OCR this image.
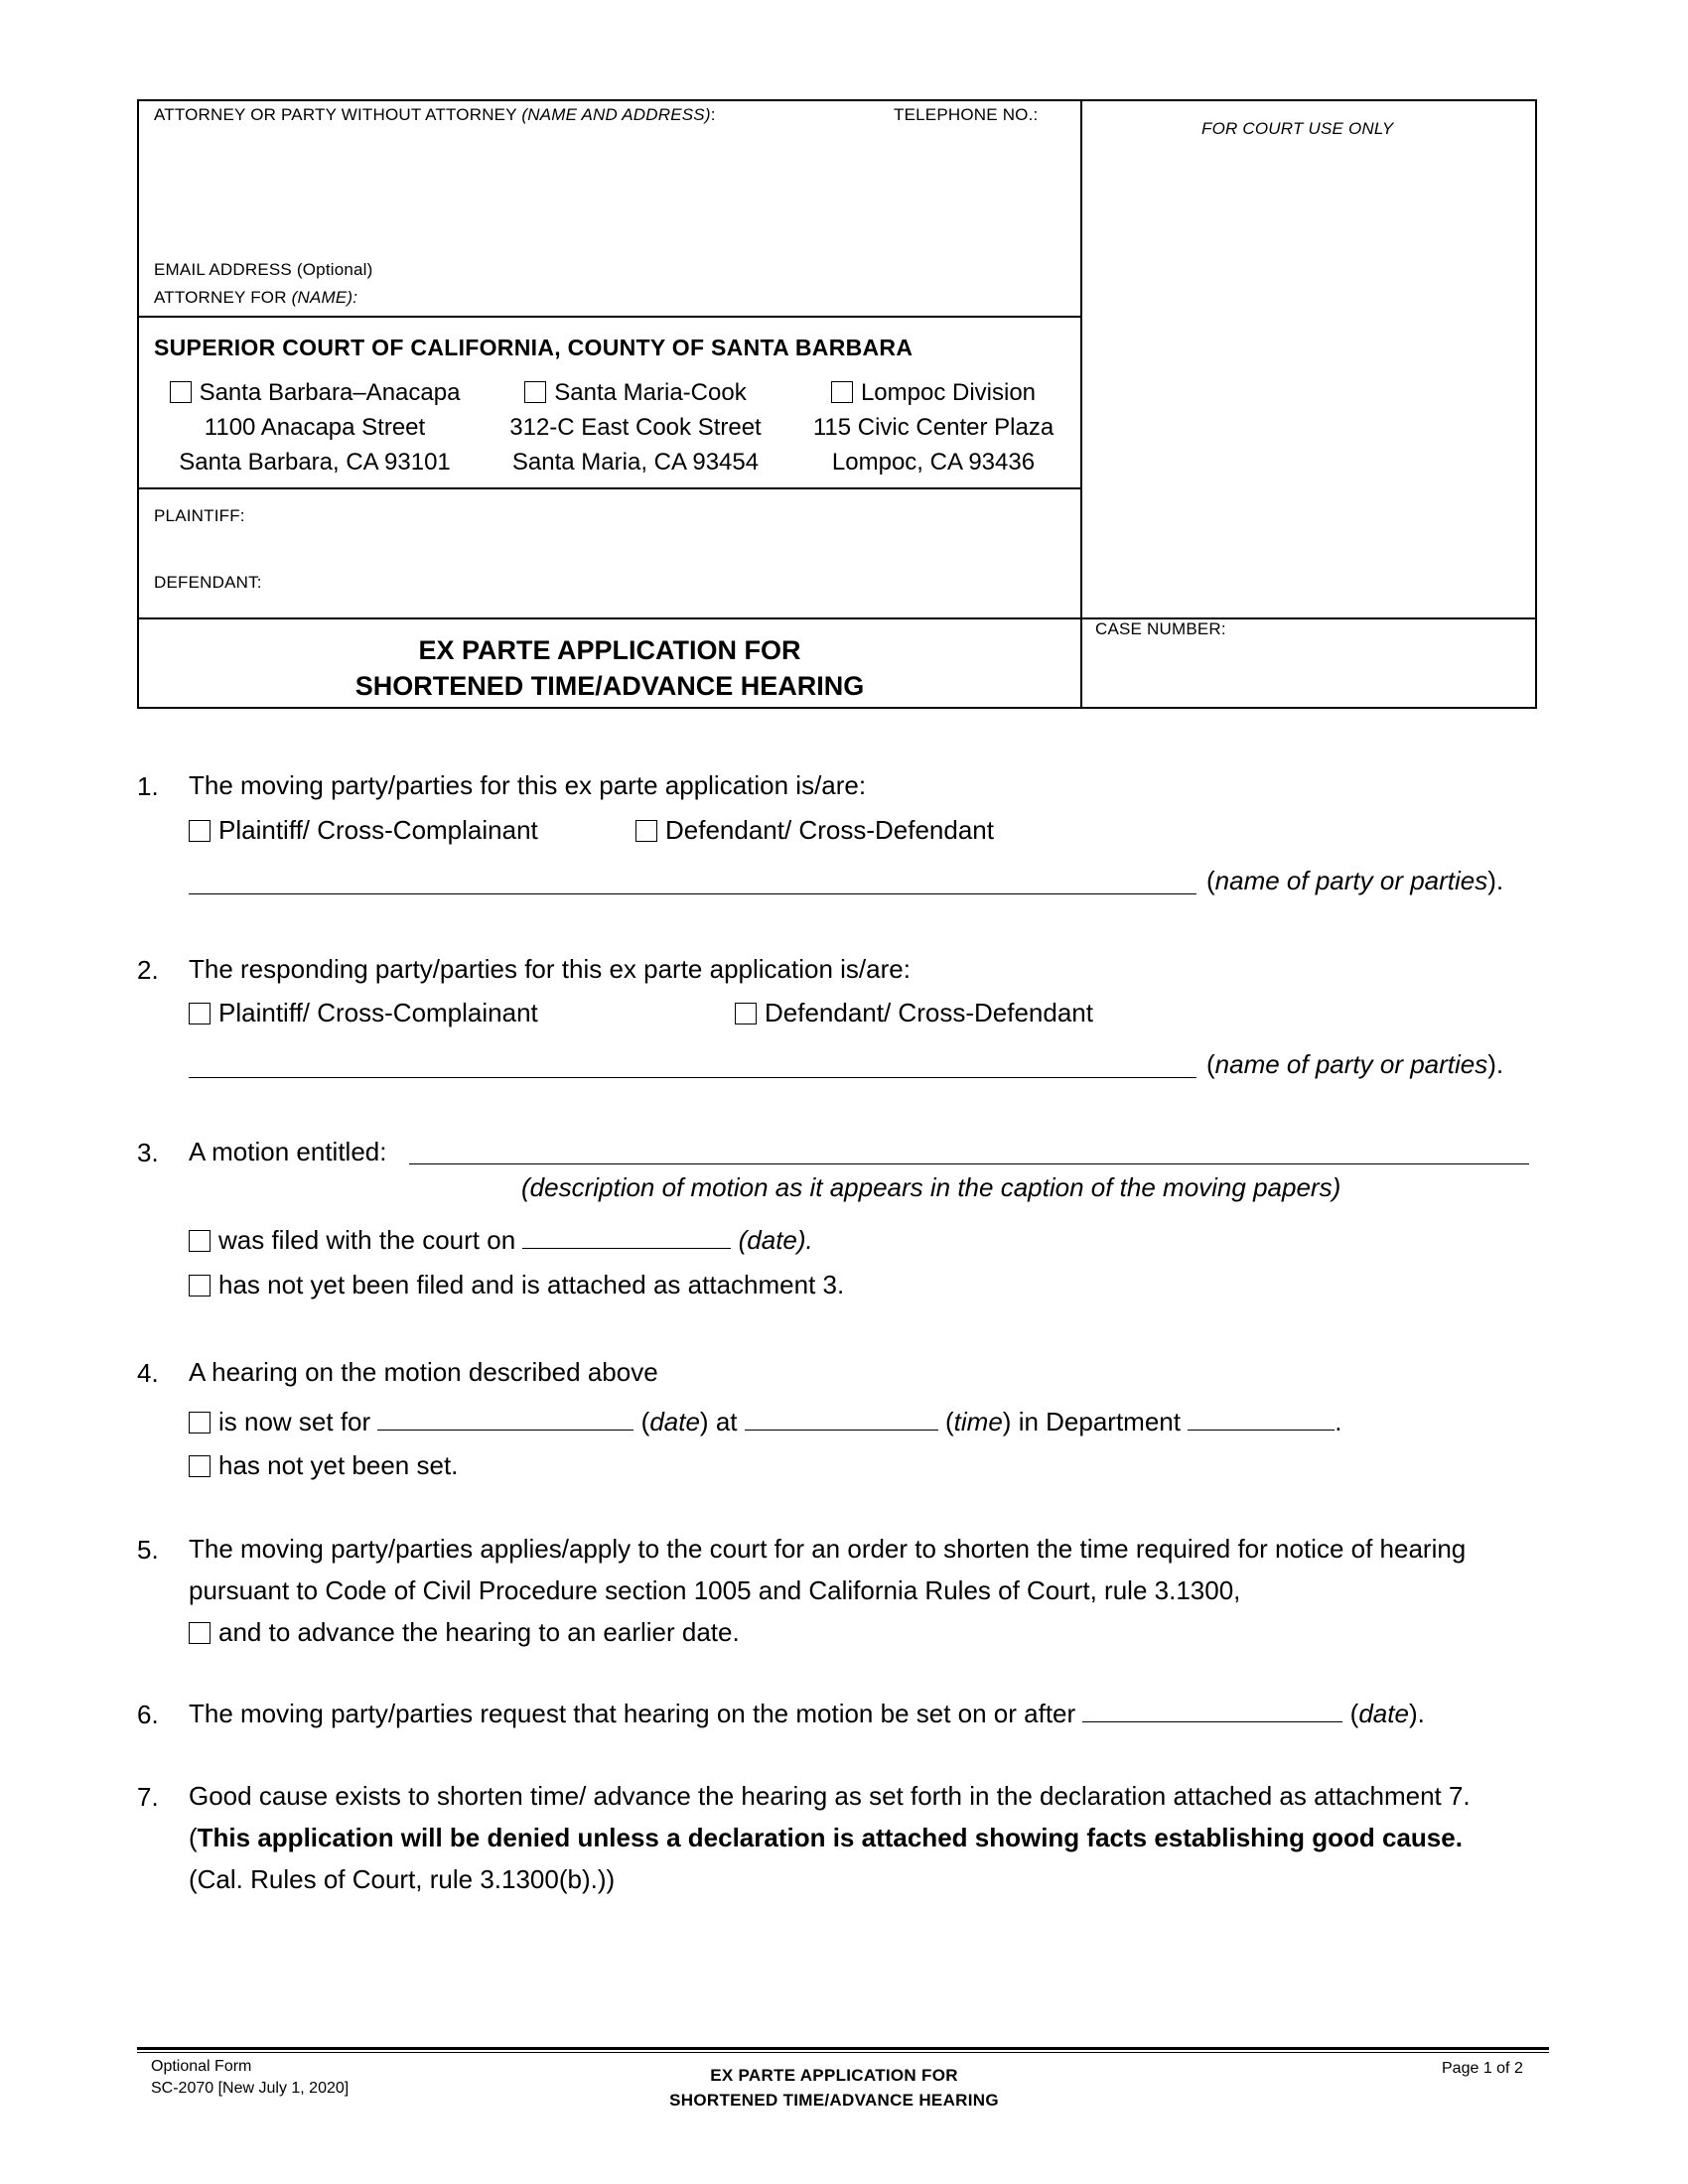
ATTORNEY OR PARTY WITHOUT ATTORNEY (NAME AND ADDRESS):	TELEPHONE NO.:
FOR COURT USE ONLY
EMAIL ADDRESS (Optional)
ATTORNEY FOR (NAME):
SUPERIOR COURT OF CALIFORNIA, COUNTY OF SANTA BARBARA
Santa Barbara–Anacapa
1100 Anacapa Street
Santa Barbara, CA 93101
Santa Maria-Cook
312-C East Cook Street
Santa Maria, CA 93454
Lompoc Division
115 Civic Center Plaza
Lompoc, CA 93436
PLAINTIFF:
DEFENDANT:
CASE NUMBER:
EX PARTE APPLICATION FOR
SHORTENED TIME/ADVANCE HEARING
1. The moving party/parties for this ex parte application is/are:
Plaintiff/ Cross-Complainant	Defendant/ Cross-Defendant
(name of party or parties).
2. The responding party/parties for this ex parte application is/are:
Plaintiff/ Cross-Complainant	Defendant/ Cross-Defendant
(name of party or parties).
3. A motion entitled:
(description of motion as it appears in the caption of the moving papers)
was filed with the court on	(date).
has not yet been filed and is attached as attachment 3.
4. A hearing on the motion described above
is now set for	(date) at	(time) in Department	.
has not yet been set.
5. The moving party/parties applies/apply to the court for an order to shorten the time required for notice of hearing
pursuant to Code of Civil Procedure section 1005 and California Rules of Court, rule 3.1300,
and to advance the hearing to an earlier date.
6. The moving party/parties request that hearing on the motion be set on or after	(date).
7. Good cause exists to shorten time/ advance the hearing as set forth in the declaration attached as attachment 7.
(This application will be denied unless a declaration is attached showing facts establishing good cause.
(Cal. Rules of Court, rule 3.1300(b).))
Optional Form
SC-2070 [New July 1, 2020]
EX PARTE APPLICATION FOR
SHORTENED TIME/ADVANCE HEARING
Page 1 of 2
